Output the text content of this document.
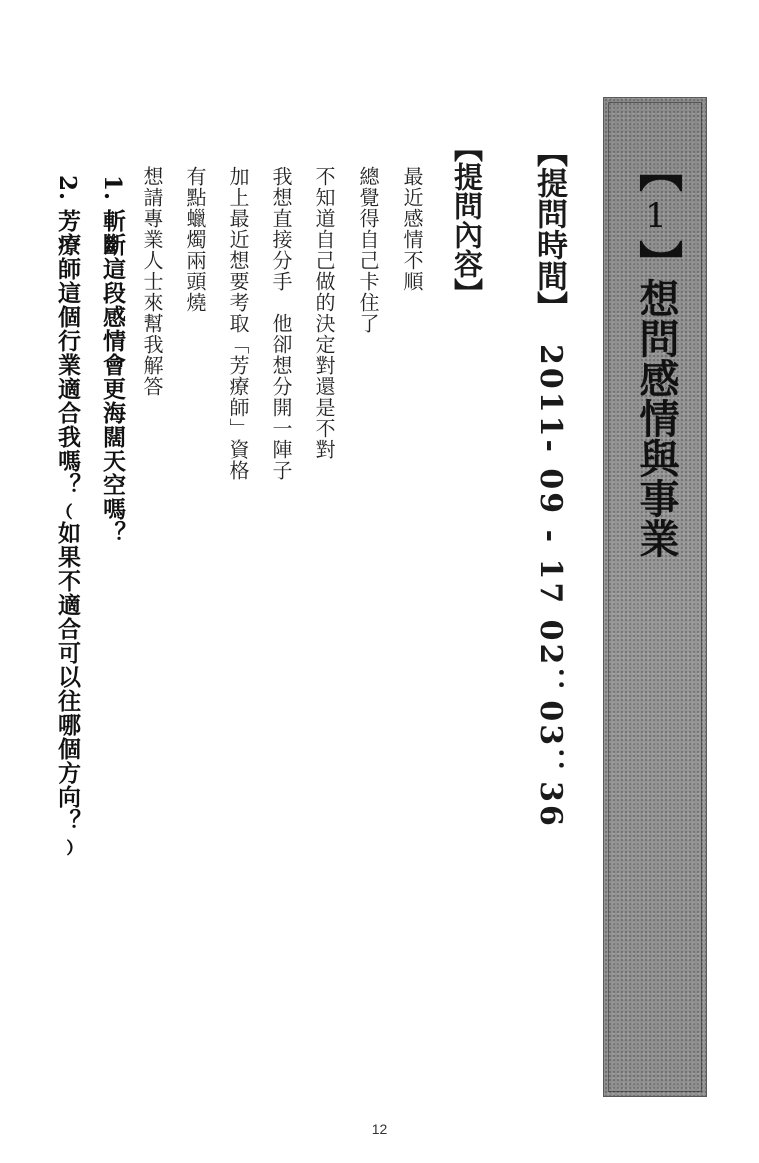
【
1
】

想問感情與事業

【提問時間】

2011- 09 - 17 02：03：36

【提問內容】

最近感情不順

總覺得自己卡住了

不知道自己做的決定對還是不對

我想直接分手　他卻想分開一陣子

加上最近想要考取「芳療師」資格

有點蠟燭兩頭燒

想請專業人士來幫我解答

1.
斬斷這段感情會更海闊天空嗎？
2.
芳療師這個行業適合我嗎？﹙如果不適合可以往哪個方向？﹚
12
